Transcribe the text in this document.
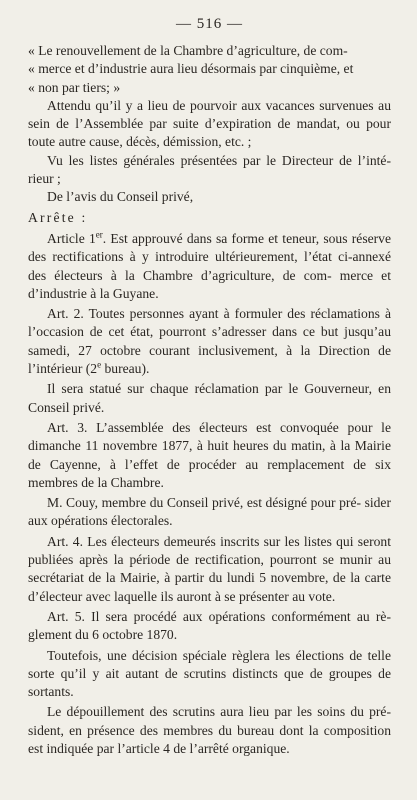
— 516 —

« Le renouvellement de la Chambre d’agriculture, de com-

« merce et d’industrie aura lieu désormais par cinquième, et

« non par tiers; »

Attendu qu’il y a lieu de pourvoir aux vacances survenues au sein de l’Assemblée par suite d’expiration de mandat, ou pour toute autre cause, décès, démission, etc. ;

Vu les listes générales présentées par le Directeur de l’inté- rieur ;

De l’avis du Conseil privé,

Arrête :

Article 1er. Est approuvé dans sa forme et teneur, sous réserve des rectifications à y introduire ultérieurement, l’état ci-annexé des électeurs à la Chambre d’agriculture, de com- merce et d’industrie à la Guyane.

Art. 2. Toutes personnes ayant à formuler des réclamations à l’occasion de cet état, pourront s’adresser dans ce but jusqu’au samedi, 27 octobre courant inclusivement, à la Direction de l’intérieur (2e bureau).

Il sera statué sur chaque réclamation par le Gouverneur, en Conseil privé.

Art. 3. L’assemblée des électeurs est convoquée pour le dimanche 11 novembre 1877, à huit heures du matin, à la Mairie de Cayenne, à l’effet de procéder au remplacement de six membres de la Chambre.

M. Couy, membre du Conseil privé, est désigné pour pré- sider aux opérations électorales.

Art. 4. Les électeurs demeurés inscrits sur les listes qui seront publiées après la période de rectification, pourront se munir au secrétariat de la Mairie, à partir du lundi 5 novembre, de la carte d’électeur avec laquelle ils auront à se présenter au vote.

Art. 5. Il sera procédé aux opérations conformément au rè- glement du 6 octobre 1870.

Toutefois, une décision spéciale règlera les élections de telle sorte qu’il y ait autant de scrutins distincts que de groupes de sortants.

Le dépouillement des scrutins aura lieu par les soins du pré- sident, en présence des membres du bureau dont la composition est indiquée par l’article 4 de l’arrêté organique.
